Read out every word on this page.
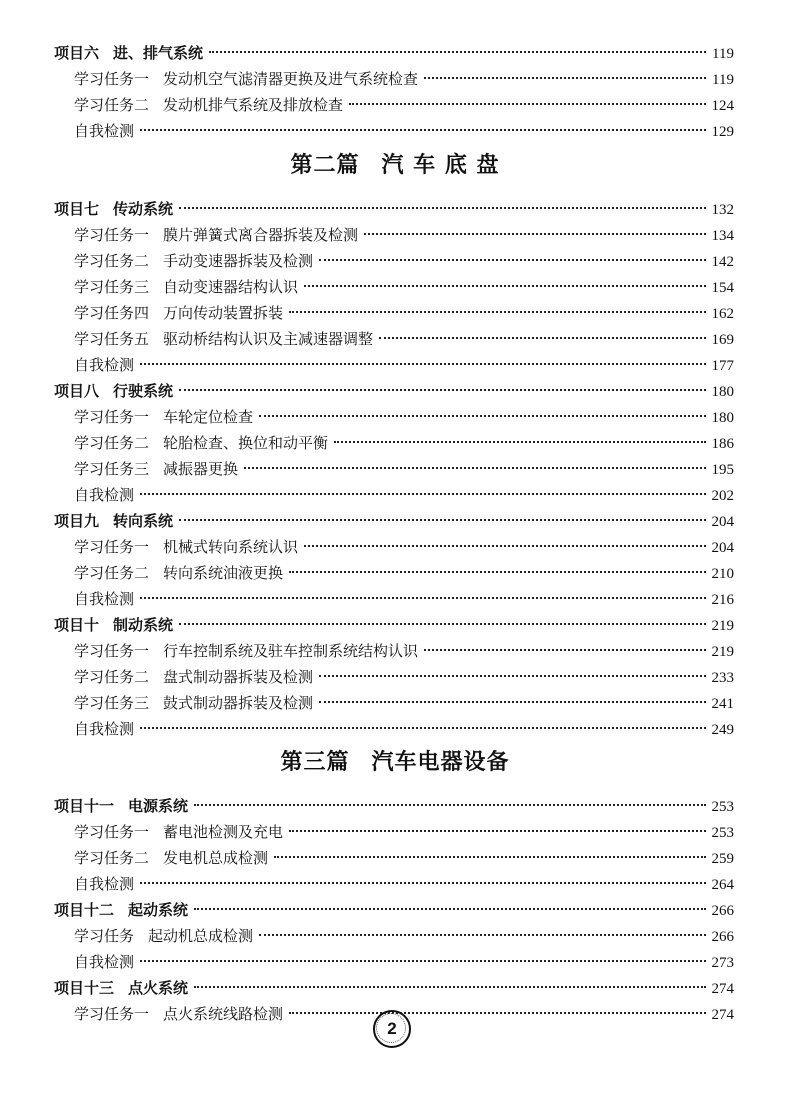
项目六 进、排气系统	119
学习任务一 发动机空气滤清器更换及进气系统检查	119
学习任务二 发动机排气系统及排放检查	124
自我检测	129
第二篇 汽 车 底 盘
项目七 传动系统	132
学习任务一 膜片弹簧式离合器拆装及检测	134
学习任务二 手动变速器拆装及检测	142
学习任务三 自动变速器结构认识	154
学习任务四 万向传动装置拆装	162
学习任务五 驱动桥结构认识及主减速器调整	169
自我检测	177
项目八 行驶系统	180
学习任务一 车轮定位检查	180
学习任务二 轮胎检查、换位和动平衡	186
学习任务三 减振器更换	195
自我检测	202
项目九 转向系统	204
学习任务一 机械式转向系统认识	204
学习任务二 转向系统油液更换	210
自我检测	216
项目十 制动系统	219
学习任务一 行车控制系统及驻车控制系统结构认识	219
学习任务二 盘式制动器拆装及检测	233
学习任务三 鼓式制动器拆装及检测	241
自我检测	249
第三篇 汽车电器设备
项目十一 电源系统	253
学习任务一 蓄电池检测及充电	253
学习任务二 发电机总成检测	259
自我检测	264
项目十二 起动系统	266
学习任务 起动机总成检测	266
自我检测	273
项目十三 点火系统	274
学习任务一 点火系统线路检测	274
2
